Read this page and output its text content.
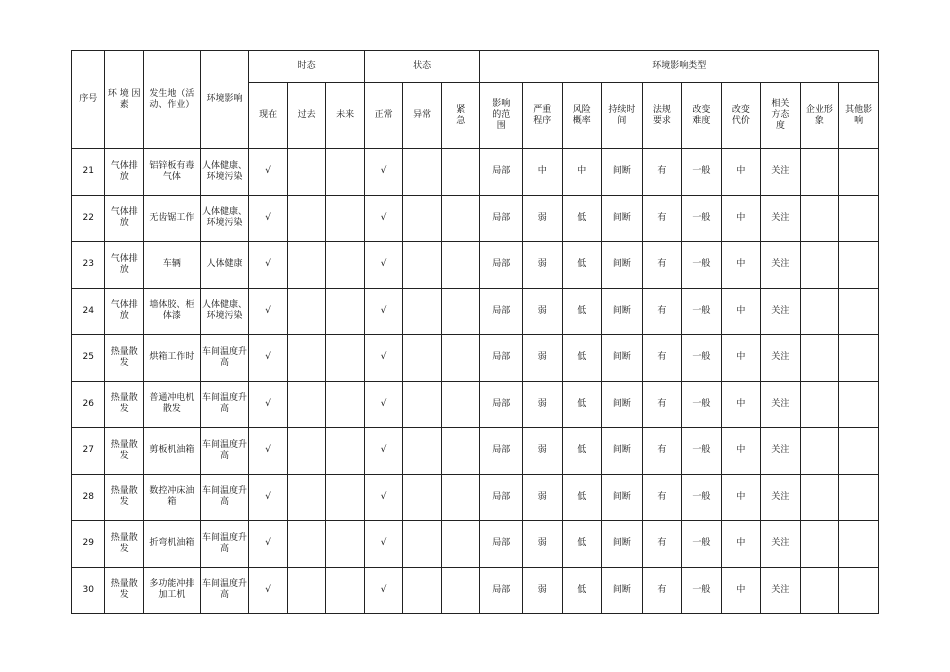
序号	环 境 因素	发生地（活动、作业）	环境影响	时态			状态			环境影响类型									
				现在	过去	未来	正常	异常	紧急	影响的范围	严重程序	风险概率	持续时间	法规要求	改变难度	改变代价	相关方态度	企业形象	其他影响
21	气体排放	铝锌板有毒气体	人体健康、环境污染	√			√			局部	中	中	间断	有	一般	中	关注		
22	气体排放	无齿锯工作	人体健康、环境污染	√			√			局部	弱	低	间断	有	一般	中	关注		
23	气体排放	车辆	人体健康	√			√			局部	弱	低	间断	有	一般	中	关注		
24	气体排放	墙体胶、柜体漆	人体健康、环境污染	√			√			局部	弱	低	间断	有	一般	中	关注		
25	热量散发	烘箱工作时	车间温度升高	√			√			局部	弱	低	间断	有	一般	中	关注		
26	热量散发	普通冲电机散发	车间温度升高	√			√			局部	弱	低	间断	有	一般	中	关注		
27	热量散发	剪板机油箱	车间温度升高	√			√			局部	弱	低	间断	有	一般	中	关注		
28	热量散发	数控冲床油箱	车间温度升高	√			√			局部	弱	低	间断	有	一般	中	关注		
29	热量散发	折弯机油箱	车间温度升高	√			√			局部	弱	低	间断	有	一般	中	关注		
30	热量散发	多功能冲排加工机	车间温度升高	√			√			局部	弱	低	间断	有	一般	中	关注		
